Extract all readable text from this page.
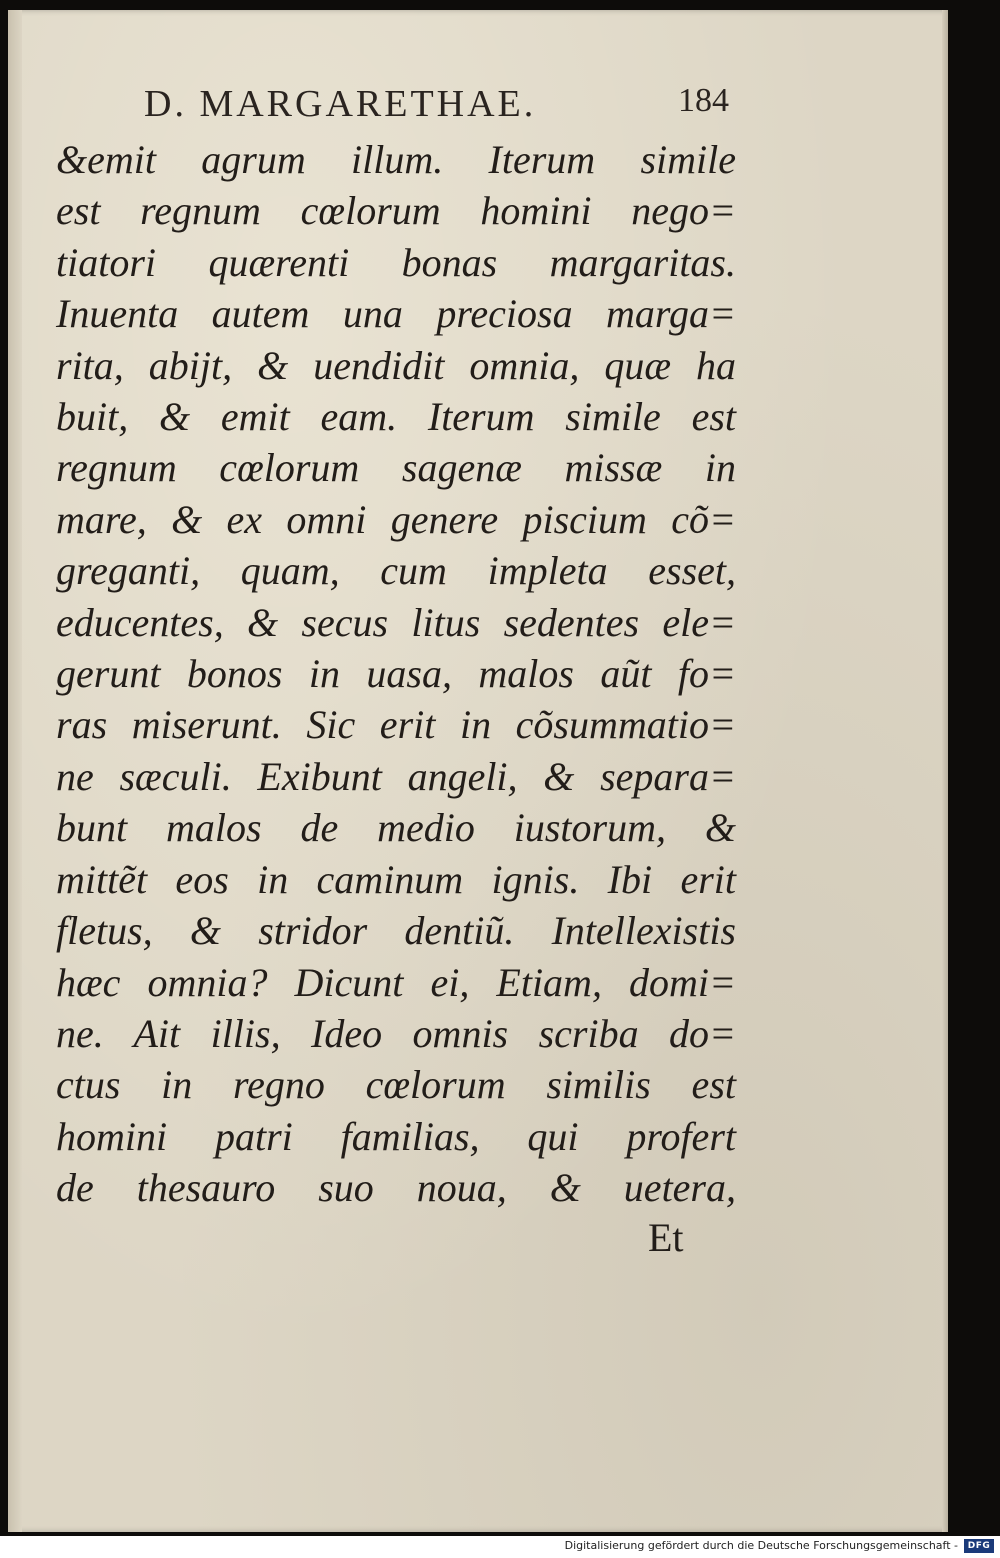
D. MARGARETHAE.	184
&emit agrum illum. Iterum simile
est regnum cœlorum homini nego=
tiatori quærenti bonas margaritas.
Inuenta autem una preciosa marga=
rita, abijt, & uendidit omnia, quæ ha
buit, & emit eam. Iterum simile est
regnum cœlorum sagenæ missæ in
mare, & ex omni genere piscium cõ=
greganti, quam, cum impleta esset,
educentes, & secus litus sedentes ele=
gerunt bonos in uasa, malos aũt fo=
ras miserunt. Sic erit in cõsummatio=
ne sæculi. Exibunt angeli, & separa=
bunt malos de medio iustorum, &
mittẽt eos in caminum ignis. Ibi erit
fletus, & stridor dentiũ. Intellexistis
hæc omnia? Dicunt ei, Etiam, domi=
ne. Ait illis, Ideo omnis scriba do=
ctus in regno cœlorum similis est
homini patri familias, qui profert
de thesauro suo noua, & uetera,
Et
Digitalisierung gefördert durch die Deutsche Forschungsgemeinschaft -	DFG
